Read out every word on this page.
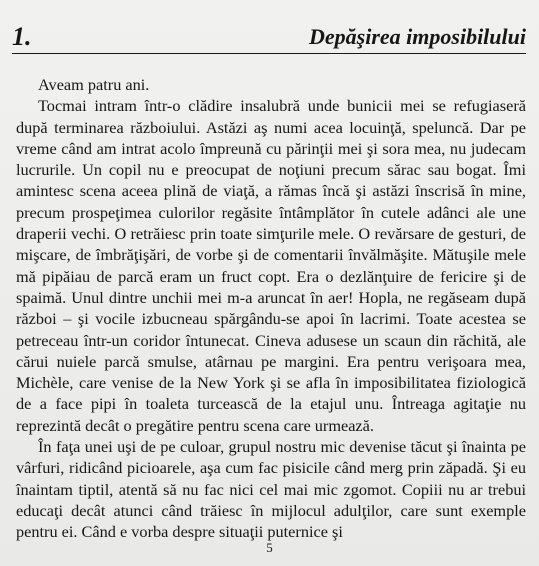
1.	Depăşirea imposibilului

Aveam patru ani.

Tocmai intram într-o clădire insalubră unde bunicii mei se refugiaseră după terminarea războiului. Astăzi aş numi acea locuinţă, speluncă. Dar pe vreme când am intrat acolo împreună cu părinţii mei şi sora mea, nu judecam lucrurile. Un copil nu e preocupat de noţiuni precum sărac sau bogat. Îmi amintesc scena aceea plină de viaţă, a rămas încă şi astăzi înscrisă în mine, precum prospeţimea culorilor regăsite întâmplător în cutele adânci ale une draperii vechi. O retrăiesc prin toate simţurile mele. O revărsare de gesturi, de mişcare, de îmbrăţişări, de vorbe şi de comentarii învălmăşite. Mătuşile mele mă pipăiau de parcă eram un fruct copt. Era o dezlănţuire de fericire şi de spaimă. Unul dintre unchii mei m-a aruncat în aer! Hopla, ne regăseam după război – şi vocile izbucneau spărgându-se apoi în lacrimi. Toate acestea se petreceau într-un coridor întunecat. Cineva adusese un scaun din răchită, ale cărui nuiele parcă smulse, atârnau pe margini. Era pentru verişoara mea, Michèle, care venise de la New York şi se afla în imposibilitatea fiziologică de a face pipi în toaleta turcească de la etajul unu. Întreaga agitaţie nu reprezintă decât o pregătire pentru scena care urmează.

În faţa unei uşi de pe culoar, grupul nostru mic devenise tăcut şi înainta pe vârfuri, ridicând picioarele, aşa cum fac pisicile când merg prin zăpadă. Şi eu înaintam tiptil, atentă să nu fac nici cel mai mic zgomot. Copiii nu ar trebui educaţi decât atunci când trăiesc în mijlocul adulţilor, care sunt exemple pentru ei. Când e vorba despre situaţii puternice şi

5
